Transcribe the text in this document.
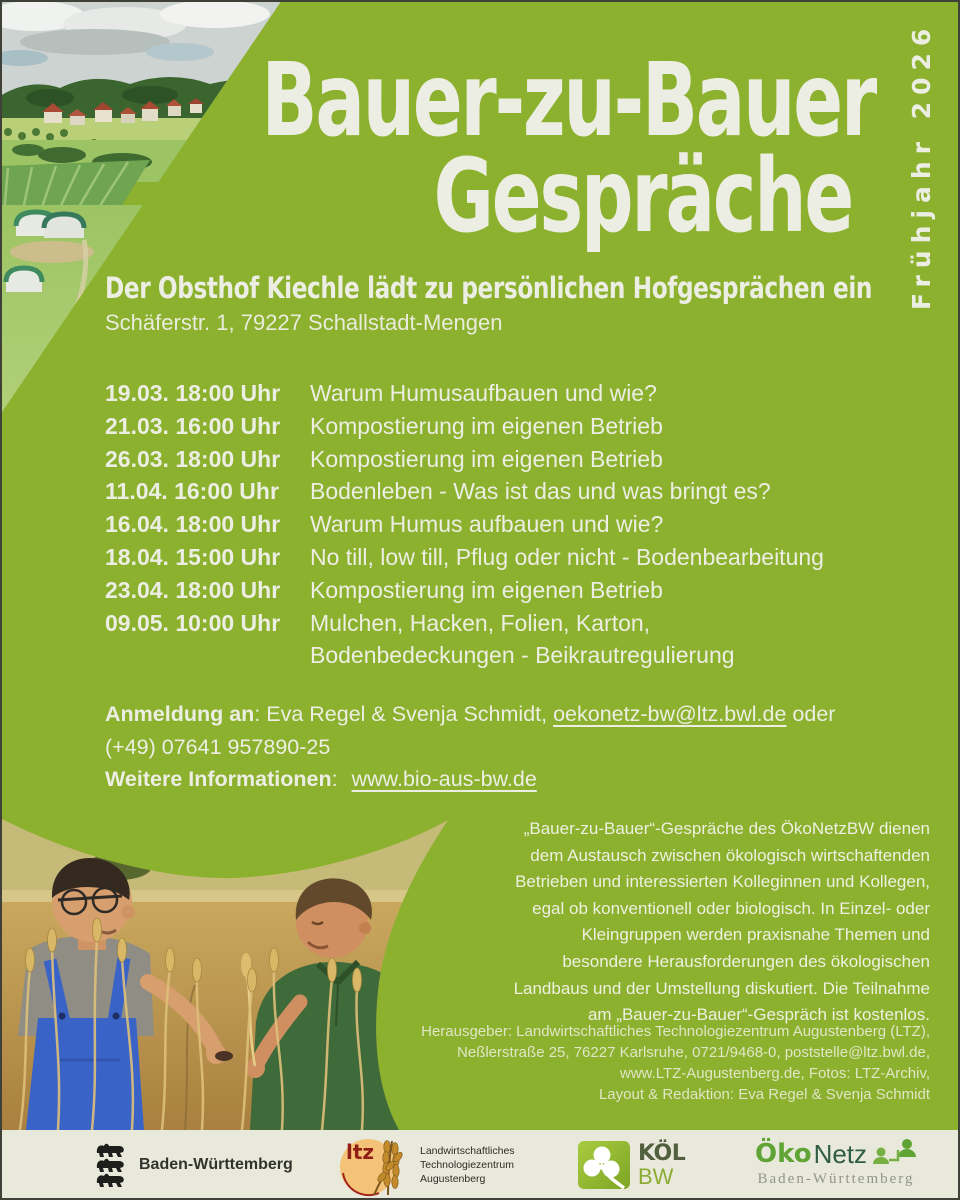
Bauer-zu-Bauer
Gespräche Frühjahr 2026
Der Obsthof Kiechle lädt zu persönlichen Hofgesprächen ein
Schäferstr. 1, 79227 Schallstadt-Mengen
19.03. 18:00 Uhr	Warum Humusaufbauen und wie?
21.03. 16:00 Uhr	Kompostierung im eigenen Betrieb
26.03. 18:00 Uhr	Kompostierung im eigenen Betrieb
11.04. 16:00 Uhr	Bodenleben - Was ist das und was bringt es?
16.04. 18:00 Uhr	Warum Humus aufbauen und wie?
18.04. 15:00 Uhr	No till, low till, Pflug oder nicht - Bodenbearbeitung
23.04. 18:00 Uhr	Kompostierung im eigenen Betrieb
09.05. 10:00 Uhr	Mulchen, Hacken, Folien, Karton,
Bodenbedeckungen - Beikrautregulierung
Anmeldung an: Eva Regel & Svenja Schmidt, oekonetz-bw@ltz.bwl.de oder
(+49) 07641 957890-25
Weitere Informationen: www.bio-aus-bw.de
„Bauer-zu-Bauer“-Gespräche des ÖkoNetzBW dienen
dem Austausch zwischen ökologisch wirtschaftenden
Betrieben und interessierten Kolleginnen und Kollegen,
egal ob konventionell oder biologisch. In Einzel- oder
Kleingruppen werden praxisnahe Themen und
besondere Herausforderungen des ökologischen
Landbaus und der Umstellung diskutiert. Die Teilnahme
am „Bauer-zu-Bauer“-Gespräch ist kostenlos.
Herausgeber: Landwirtschaftliches Technologiezentrum Augustenberg (LTZ),
Neßlerstraße 25, 76227 Karlsruhe, 0721/9468-0, poststelle@ltz.bwl.de,
www.LTZ-Augustenberg.de, Fotos: LTZ-Archiv,
Layout & Redaktion: Eva Regel & Svenja Schmidt
Baden-Württemberg
ltz	Landwirtschaftliches
Technologiezentrum
Augustenberg
KÖL
BW
Öko Netz
Baden-Württemberg
